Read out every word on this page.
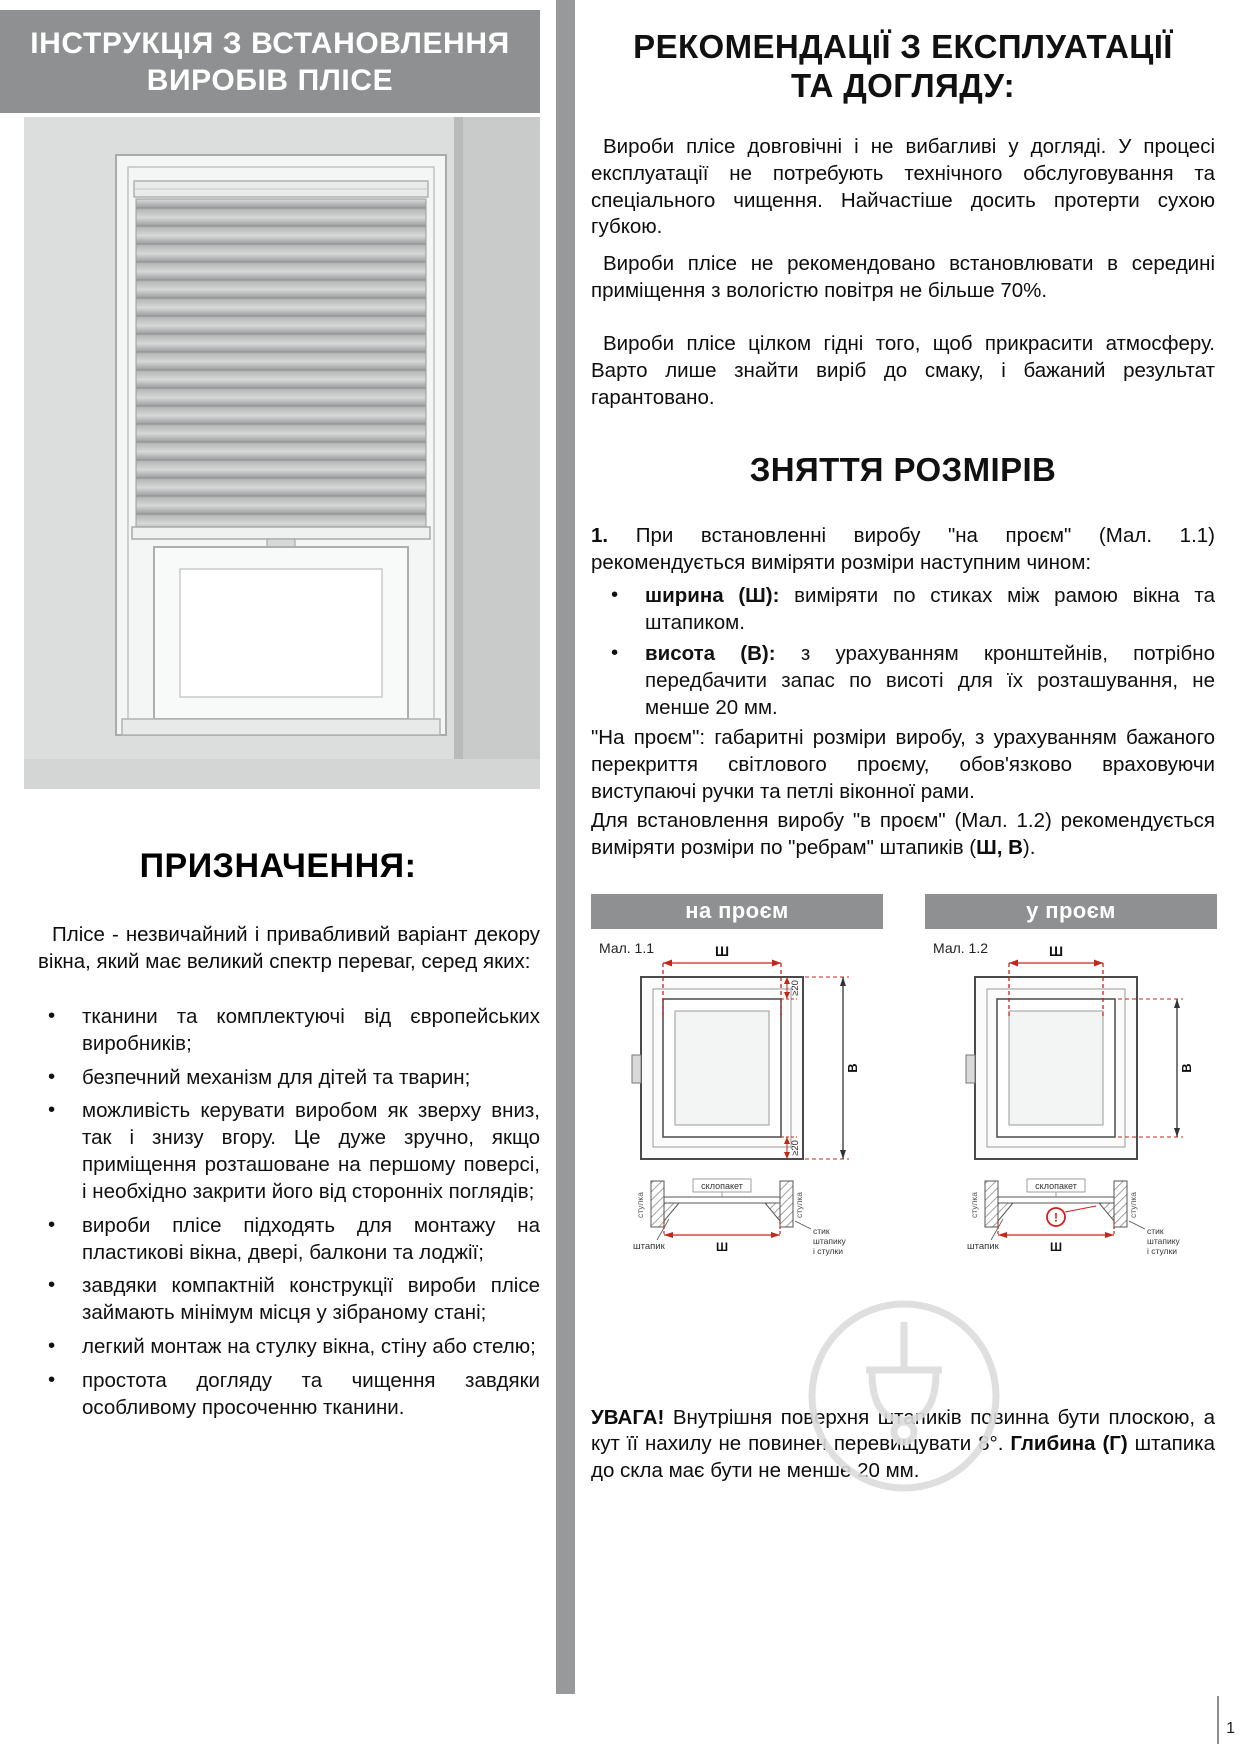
ІНСТРУКЦІЯ З ВСТАНОВЛЕННЯ
ВИРОБІВ ПЛІСЕ
ПРИЗНАЧЕННЯ:

Плісе - незвичайний і привабливий варіант декору вікна, який має великий спектр переваг, серед яких:

• тканини та комплектуючі від європейських виробників;
• безпечний механізм для дітей та тварин;
• можливість керувати виробом як зверху вниз, так і знизу вгору. Це дуже зручно, якщо приміщення розташоване на першому поверсі, і необхідно закрити його від сторонніх поглядів;
• вироби плісе підходять для монтажу на пластикові вікна, двері, балкони та лоджії;
• завдяки компактній конструкції вироби плісе займають мінімум місця у зібраному стані;
• легкий монтаж на стулку вікна, стіну або стелю;
• простота догляду та чищення завдяки особливому просоченню тканини.
РЕКОМЕНДАЦІЇ З ЕКСПЛУАТАЦІЇ
ТА ДОГЛЯДУ:

Вироби плісе довговічні і не вибагливі у догляді. У процесі експлуатації не потребують технічного обслуговування та спеціального чищення. Найчастіше досить протерти сухою губкою.

Вироби плісе не рекомендовано встановлювати в середині приміщення з вологістю повітря не більше 70%.

Вироби плісе цілком гідні того, щоб прикрасити атмосферу. Варто лише знайти виріб до смаку, і бажаний результат гарантовано.

ЗНЯТТЯ РОЗМІРІВ

1. При встановленні виробу "на проєм" (Мал. 1.1) рекомендується виміряти розміри наступним чином:

• ширина (Ш): виміряти по стиках між рамою вікна та штапиком.
• висота (В): з урахуванням кронштейнів, потрібно передбачити запас по висоті для їх розташування, не менше 20 мм.

"На проєм": габаритні розміри виробу, з урахуванням бажаного перекриття світлового проєму, обов'язково враховуючи виступаючі ручки та петлі віконної рами.

Для встановлення виробу "в проєм" (Мал. 1.2) рекомендується виміряти розміри по "ребрам" штапиків (Ш, В).

на проєм
Мал. 1.1	Ш
≥20
≥20
В
склопакет
стулка	стулка
штапик	Ш
стик
штапику
і стулки
у проєм
Мал. 1.2	Ш
В
склопакет
стулка	стулка
!
штапик	Ш
стик
штапику
і стулки

УВАГА! Внутрішня поверхня штапиків повинна бути плоскою, а кут її нахилу не повинен перевищувати 8°. Глибина (Г) штапика до скла має бути не менше 20 мм.

1
